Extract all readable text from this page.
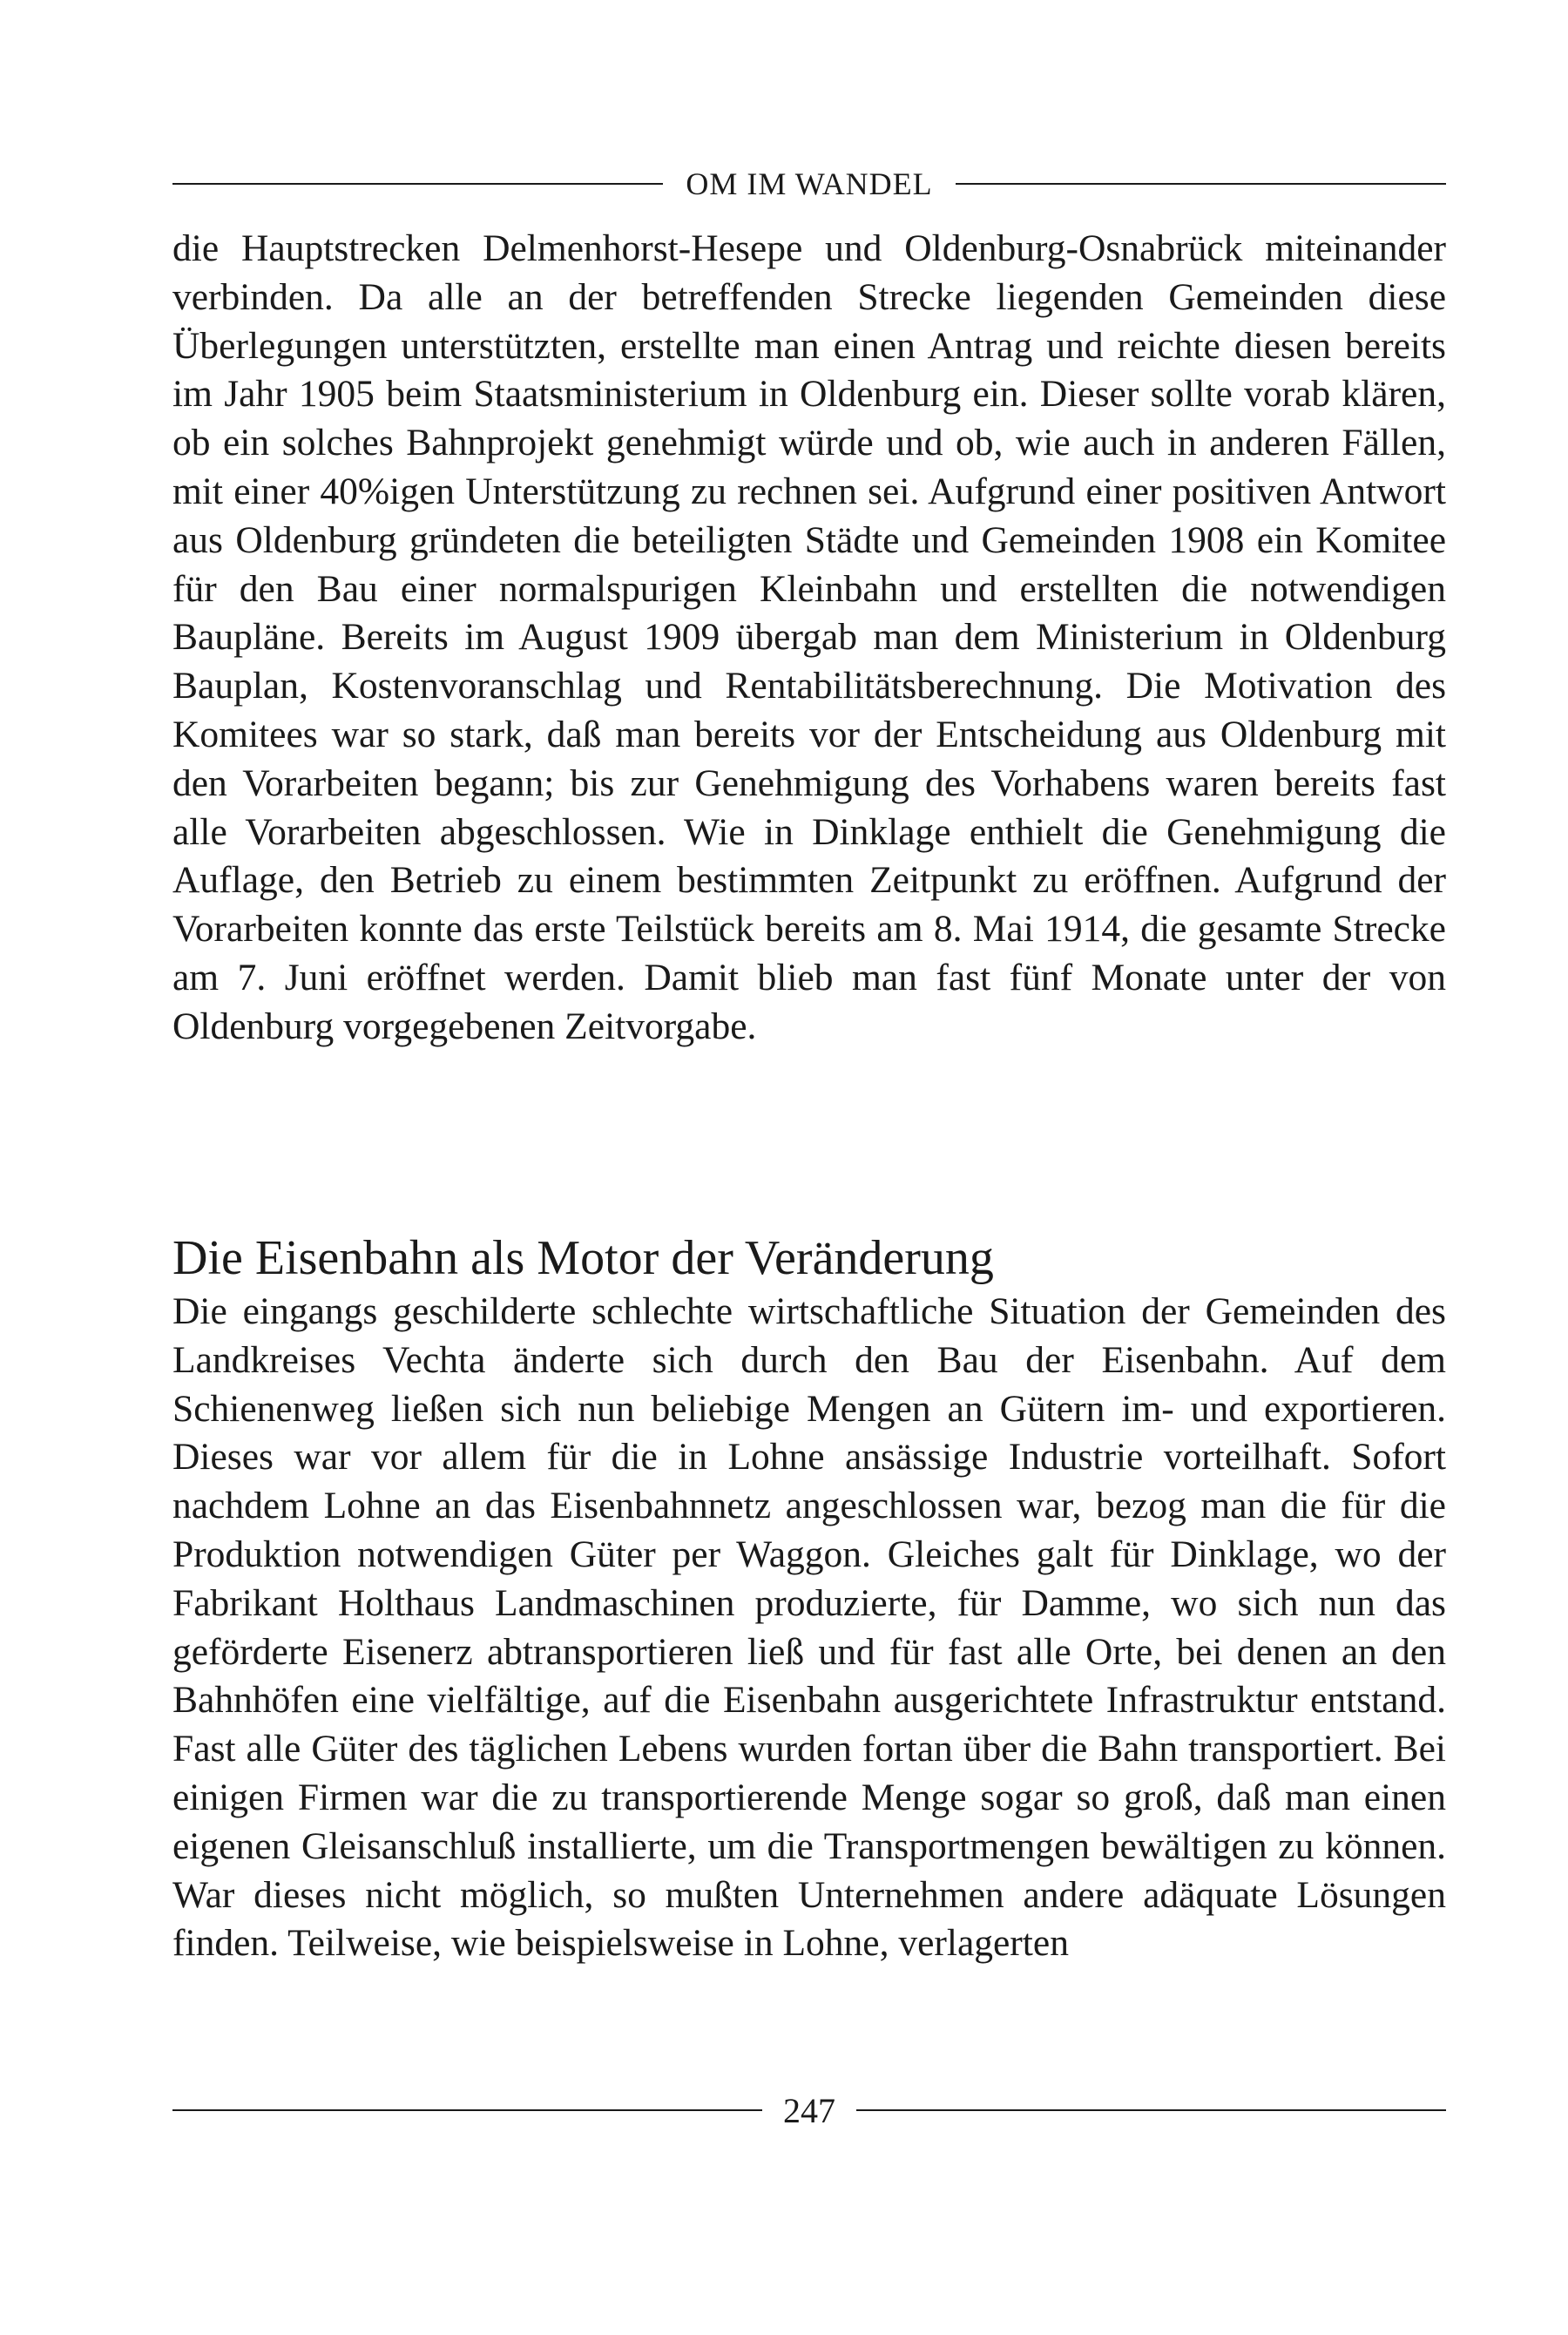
OM IM WANDEL

die Hauptstrecken Delmenhorst-Hesepe und Oldenburg-Osnabrück miteinander verbinden. Da alle an der betreffenden Strecke liegenden Gemeinden diese Überlegungen unterstützten, erstellte man einen Antrag und reichte diesen bereits im Jahr 1905 beim Staatsministerium in Oldenburg ein. Dieser sollte vorab klären, ob ein solches Bahnprojekt genehmigt würde und ob, wie auch in anderen Fällen, mit einer 40%igen Unterstützung zu rechnen sei. Aufgrund einer positiven Antwort aus Oldenburg gründeten die beteiligten Städte und Gemeinden 1908 ein Komitee für den Bau einer normalspurigen Kleinbahn und erstellten die notwendigen Baupläne. Bereits im August 1909 übergab man dem Ministerium in Oldenburg Bauplan, Kostenvoranschlag und Rentabilitätsberechnung. Die Motivation des Komitees war so stark, daß man bereits vor der Entscheidung aus Oldenburg mit den Vorarbeiten begann; bis zur Genehmigung des Vorhabens waren bereits fast alle Vorarbeiten abgeschlossen. Wie in Dinklage enthielt die Genehmigung die Auflage, den Betrieb zu einem bestimmten Zeitpunkt zu eröffnen. Aufgrund der Vorarbeiten konnte das erste Teilstück bereits am 8. Mai 1914, die gesamte Strecke am 7. Juni eröffnet werden. Damit blieb man fast fünf Monate unter der von Oldenburg vorgegebenen Zeitvorgabe.

Die Eisenbahn als Motor der Veränderung

Die eingangs geschilderte schlechte wirtschaftliche Situation der Gemeinden des Landkreises Vechta änderte sich durch den Bau der Eisenbahn. Auf dem Schienenweg ließen sich nun beliebige Mengen an Gütern im- und exportieren. Dieses war vor allem für die in Lohne ansässige Industrie vorteilhaft. Sofort nachdem Lohne an das Eisenbahnnetz angeschlossen war, bezog man die für die Produktion notwendigen Güter per Waggon. Gleiches galt für Dinklage, wo der Fabrikant Holthaus Landmaschinen produzierte, für Damme, wo sich nun das geförderte Eisenerz abtransportieren ließ und für fast alle Orte, bei denen an den Bahnhöfen eine vielfältige, auf die Eisenbahn ausgerichtete Infrastruktur entstand. Fast alle Güter des täglichen Lebens wurden fortan über die Bahn transportiert. Bei einigen Firmen war die zu transportierende Menge sogar so groß, daß man einen eigenen Gleisanschluß installierte, um die Transportmengen bewältigen zu können. War dieses nicht möglich, so mußten Unternehmen andere adäquate Lösungen finden. Teilweise, wie beispielsweise in Lohne, verlagerten

247
